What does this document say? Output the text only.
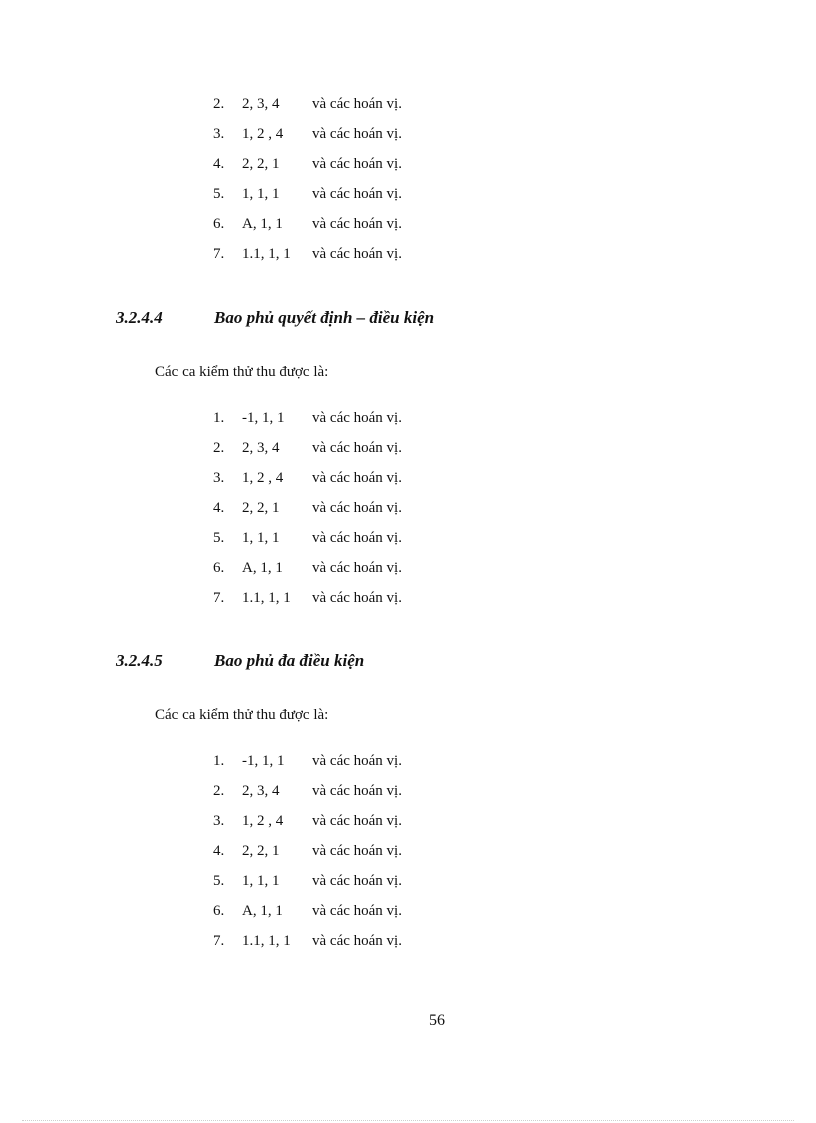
2.	2, 3, 4	và các hoán vị.
3.	1, 2 , 4	và các hoán vị.
4.	2, 2, 1	và các hoán vị.
5.	1, 1, 1	và các hoán vị.
6.	A, 1, 1	và các hoán vị.
7.	1.1, 1, 1	và các hoán vị.
3.2.4.4	Bao phủ quyết định – điều kiện
Các ca kiểm thử thu được là:
1.	-1, 1, 1	và các hoán vị.
2.	2, 3, 4	và các hoán vị.
3.	1, 2 , 4	và các hoán vị.
4.	2, 2, 1	và các hoán vị.
5.	1, 1, 1	và các hoán vị.
6.	A, 1, 1	và các hoán vị.
7.	1.1, 1, 1	và các hoán vị.
3.2.4.5	Bao phủ đa điều kiện
Các ca kiểm thử thu được là:
1.	-1, 1, 1	và các hoán vị.
2.	2, 3, 4	và các hoán vị.
3.	1, 2 , 4	và các hoán vị.
4.	2, 2, 1	và các hoán vị.
5.	1, 1, 1	và các hoán vị.
6.	A, 1, 1	và các hoán vị.
7.	1.1, 1, 1	và các hoán vị.
56
